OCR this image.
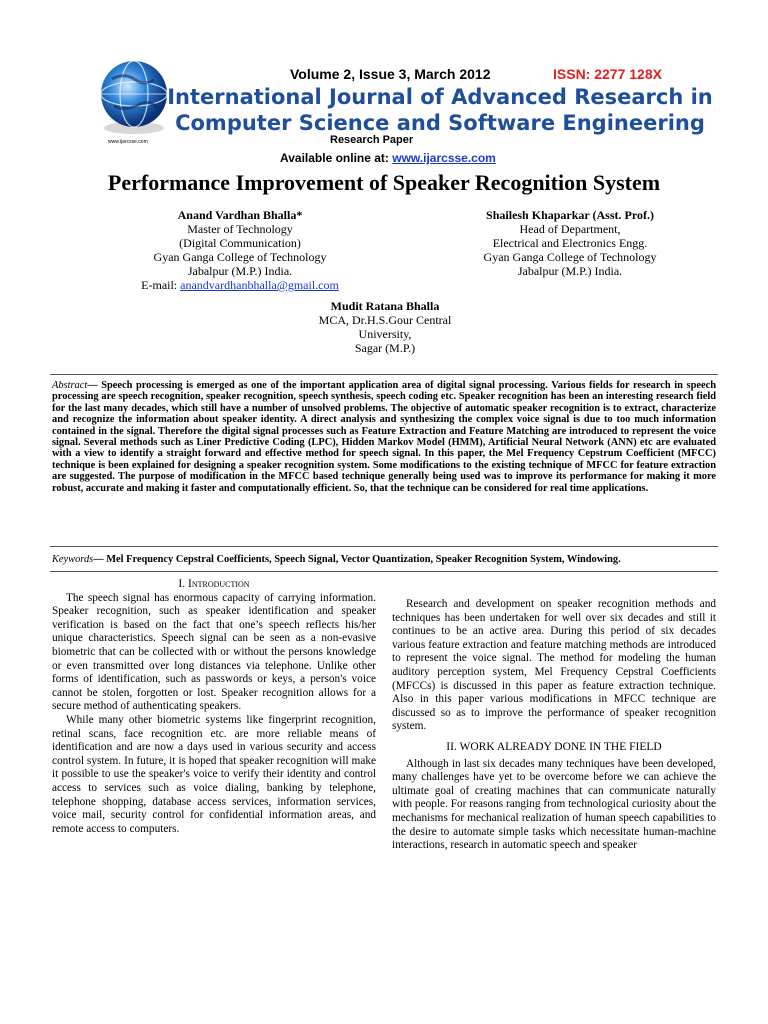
www.ijarcsse.com
Volume 2, Issue 3, March 2012	ISSN: 2277 128X
International Journal of Advanced Research in
Computer Science and Software Engineering
Research Paper
Available online at: www.ijarcsse.com
Performance Improvement of Speaker Recognition System
Anand Vardhan Bhalla*
Master of Technology
(Digital Communication)
Gyan Ganga College of Technology
Jabalpur (M.P.) India.
E-mail: anandvardhanbhalla@gmail.com
Shailesh Khaparkar (Asst. Prof.)
Head of Department,
Electrical and Electronics Engg.
Gyan Ganga College of Technology
Jabalpur (M.P.) India.
Mudit Ratana Bhalla
MCA, Dr.H.S.Gour Central
University,
Sagar (M.P.)
Abstract— Speech processing is emerged as one of the important application area of digital signal processing. Various fields for research in speech processing are speech recognition, speaker recognition, speech synthesis, speech coding etc. Speaker recognition has been an interesting research field for the last many decades, which still have a number of unsolved problems. The objective of automatic speaker recognition is to extract, characterize and recognize the information about speaker identity. A direct analysis and synthesizing the complex voice signal is due to too much information contained in the signal. Therefore the digital signal processes such as Feature Extraction and Feature Matching are introduced to represent the voice signal. Several methods such as Liner Predictive Coding (LPC), Hidden Markov Model (HMM), Artificial Neural Network (ANN) etc are evaluated with a view to identify a straight forward and effective method for speech signal. In this paper, the Mel Frequency Cepstrum Coefficient (MFCC) technique is been explained for designing a speaker recognition system. Some modifications to the existing technique of MFCC for feature extraction are suggested. The purpose of modification in the MFCC based technique generally being used was to improve its performance for making it more robust, accurate and making it faster and computationally efficient. So, that the technique can be considered for real time applications.
Keywords— Mel Frequency Cepstral Coefficients, Speech Signal, Vector Quantization, Speaker Recognition System, Windowing.
I. Introduction

The speech signal has enormous capacity of carrying information. Speaker recognition, such as speaker identification and speaker verification is based on the fact that one’s speech reflects his/her unique characteristics. Speech signal can be seen as a non-evasive biometric that can be collected with or without the persons knowledge or even transmitted over long distances via telephone. Unlike other forms of identification, such as passwords or keys, a person's voice cannot be stolen, forgotten or lost. Speaker recognition allows for a secure method of authenticating speakers.

While many other biometric systems like fingerprint recognition, retinal scans, face recognition etc. are more reliable means of identification and are now a days used in various security and access control system. In future, it is hoped that speaker recognition will make it possible to use the speaker's voice to verify their identity and control access to services such as voice dialing, banking by telephone, telephone shopping, database access services, information services, voice mail, security control for confidential information areas, and remote access to computers.

Research and development on speaker recognition methods and techniques has been undertaken for well over six decades and still it continues to be an active area. During this period of six decades various feature extraction and feature matching methods are introduced to represent the voice signal. The method for modeling the human auditory perception system, Mel Frequency Cepstral Coefficients (MFCCs) is discussed in this paper as feature extraction technique. Also in this paper various modifications in MFCC technique are discussed so as to improve the performance of speaker recognition system.

II. WORK ALREADY DONE IN THE FIELD

Although in last six decades many techniques have been developed, many challenges have yet to be overcome before we can achieve the ultimate goal of creating machines that can communicate naturally with people. For reasons ranging from technological curiosity about the mechanisms for mechanical realization of human speech capabilities to the desire to automate simple tasks which necessitate human-machine interactions, research in automatic speech and speaker
